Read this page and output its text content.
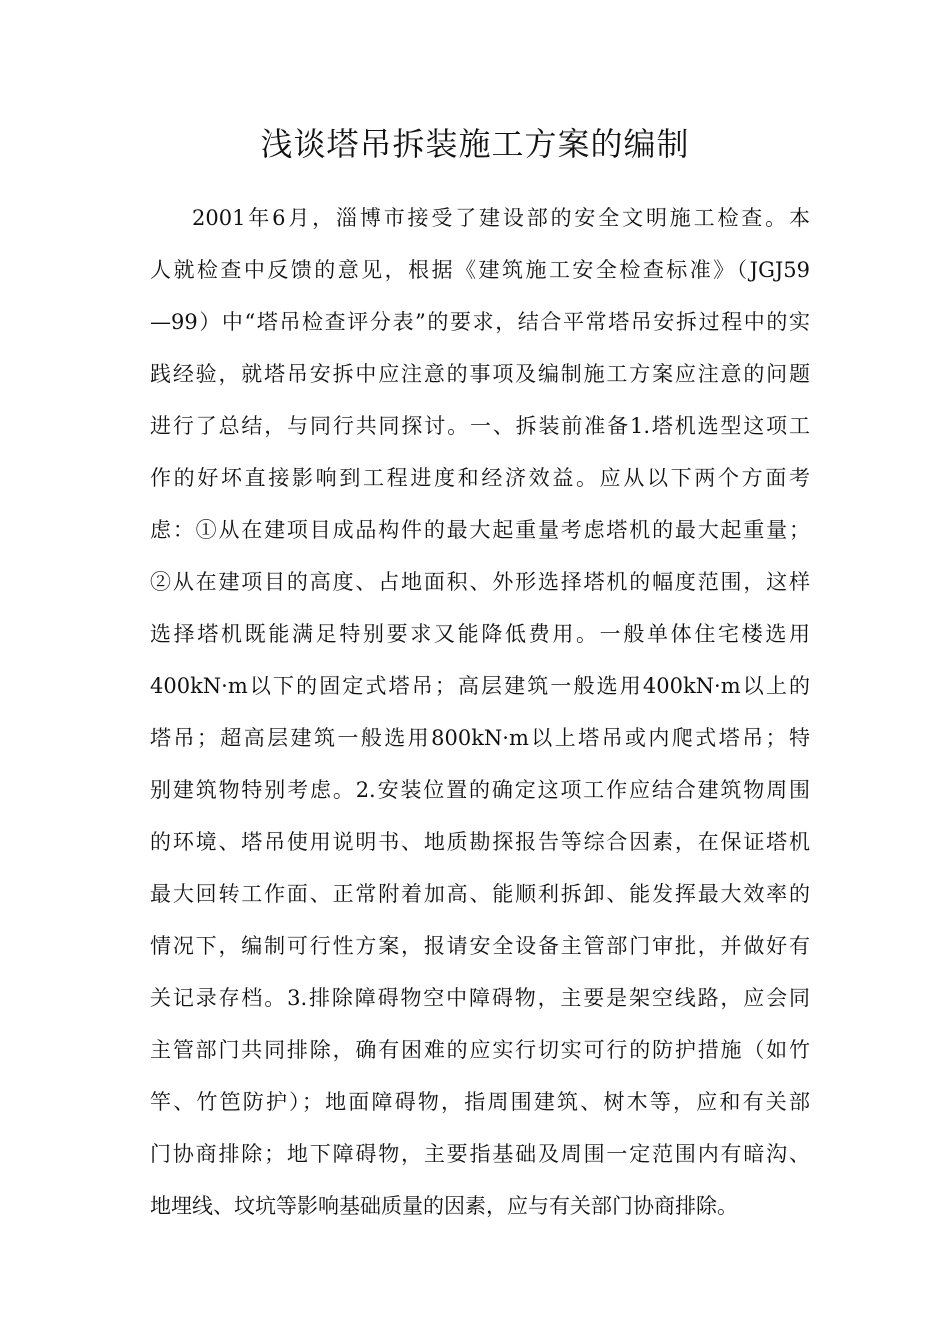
浅谈塔吊拆装施工方案的编制
2001年6月，淄博市接受了建设部的安全文明施工检查。本
人就检查中反馈的意见，根据《建筑施工安全检查标准》（JGJ59
—99）中“塔吊检查评分表”的要求，结合平常塔吊安拆过程中的实
践经验，就塔吊安拆中应注意的事项及编制施工方案应注意的问题
进行了总结，与同行共同探讨。一、拆装前准备1.塔机选型这项工
作的好坏直接影响到工程进度和经济效益。应从以下两个方面考
虑：①从在建项目成品构件的最大起重量考虑塔机的最大起重量；
②从在建项目的高度、占地面积、外形选择塔机的幅度范围，这样
选择塔机既能满足特别要求又能降低费用。一般单体住宅楼选用
400kN·m以下的固定式塔吊；高层建筑一般选用400kN·m以上的
塔吊；超高层建筑一般选用800kN·m以上塔吊或内爬式塔吊；特
别建筑物特别考虑。2.安装位置的确定这项工作应结合建筑物周围
的环境、塔吊使用说明书、地质勘探报告等综合因素，在保证塔机
最大回转工作面、正常附着加高、能顺利拆卸、能发挥最大效率的
情况下，编制可行性方案，报请安全设备主管部门审批，并做好有
关记录存档。3.排除障碍物空中障碍物，主要是架空线路，应会同
主管部门共同排除，确有困难的应实行切实可行的防护措施（如竹
竿、竹笆防护）；地面障碍物，指周围建筑、树木等，应和有关部
门协商排除；地下障碍物，主要指基础及周围一定范围内有暗沟、
地埋线、坟坑等影响基础质量的因素，应与有关部门协商排除。
